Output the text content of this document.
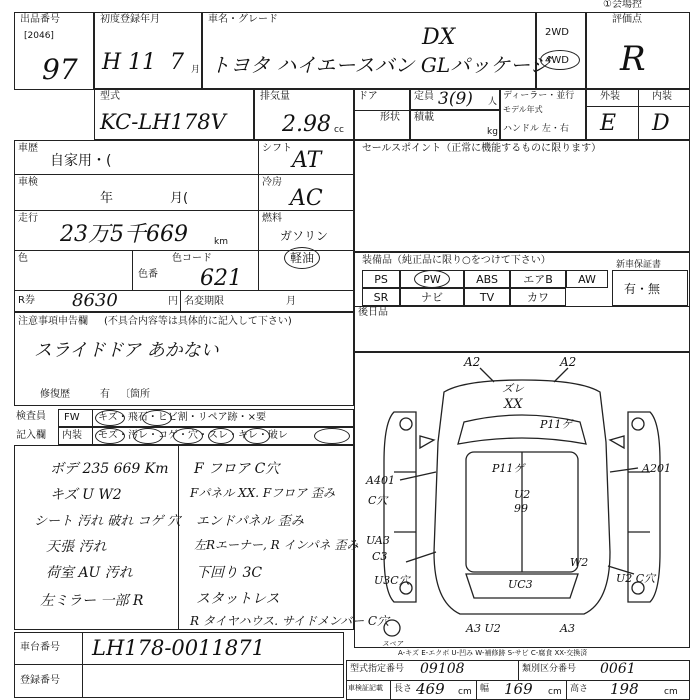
出品番号
[2046]
97
初度登録年月
H 11 7 月
車名・グレード
DX
トヨタ ハイエースバン GLパッケージ
2WD
4WD
①会場控
評価点
R
型式
KC-LH178V
排気量
2.98 cc
ドア	定員 3(9) 人
形状 積載
kg
ディーラー・並行
モデル年式
ハンドル 左・右
外装	内装
E D
車歴
自家用・(
シフト AT
車検
年	月(
冷房
AC
走行
23万5千669	km
燃料
ガソリン
軽油
色	色コード
色番 621
R券 8630	円 名変期限	月
セールスポイント（正常に機能するものに限ります）
装備品（純正品に限り○をつけて下さい）	新車保証書
PS	PW	ABS	エアB	AW
SR	ナビ	TV	カワ
有・無
後日品
注意事項申告欄 (不具合内容等は具体的に記入して下さい)
スライドドア あかない
修復歴	有 〔箇所
検査員
記入欄
FW
内装
キズ・飛石・ヒビ割・リペア跡・×要
モズ・汚レ・コゲ・穴・スレ・キレ・破レ
ボデ 235 669 Km
キズ U W2
シート 汚れ 破れ コゲ 穴
天張 汚れ
荷室 AU 汚れ
左ミラー 一部 R
F フロア C穴
Fパネル XX. Fフロア 歪み
エンドパネル 歪み
左Rエーナー, R インパネ 歪み
下回り 3C
スタットレス
R タイヤハウス. サイドメンバー C穴
A2	A2
ズレ
XX
P11ゲ
A401
C穴
A201
P11ゲ
U2
99
UA3
C3	W2
U3C穴	UC3	U2 C穴
A3 U2	A3
スペア
A-キズ E-エクボ U-凹み W-補修跡 S-サビ C-腐食 XX-交換済
車台番号 LH178-0011871
登録番号
型式指定番号 09108	類別区分番号 0061
車検証記載 長さ 469 cm 幅 169 cm 高さ 198	cm
